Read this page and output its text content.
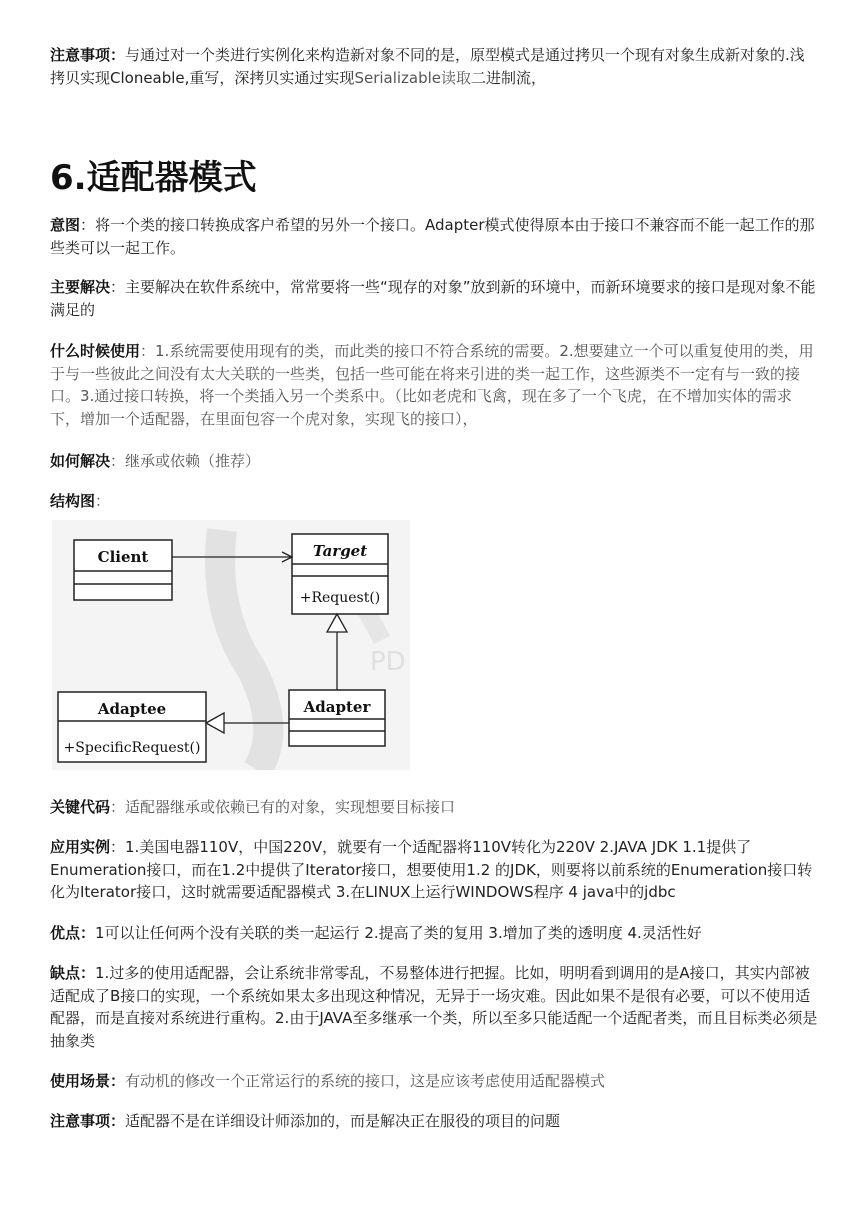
注意事项：与通过对一个类进行实例化来构造新对象不同的是，原型模式是通过拷贝一个现有对象生成新对象的.浅拷贝实现Cloneable,重写，深拷贝实通过实现Serializable读取二进制流，

6.适配器模式

意图：将一个类的接口转换成客户希望的另外一个接口。Adapter模式使得原本由于接口不兼容而不能一起工作的那些类可以一起工作。

主要解决：主要解决在软件系统中，常常要将一些“现存的对象”放到新的环境中，而新环境要求的接口是现对象不能满足的

什么时候使用：1.系统需要使用现有的类，而此类的接口不符合系统的需要。2.想要建立一个可以重复使用的类，用于与一些彼此之间没有太大关联的一些类，包括一些可能在将来引进的类一起工作，这些源类不一定有与一致的接口。3.通过接口转换，将一个类插入另一个类系中。（比如老虎和飞禽，现在多了一个飞虎，在不增加实体的需求下，增加一个适配器，在里面包容一个虎对象，实现飞的接口），

如何解决：继承或依赖（推荐）

结构图：

关键代码：适配器继承或依赖已有的对象，实现想要目标接口

应用实例：1.美国电器110V，中国220V，就要有一个适配器将110V转化为220V 2.JAVA JDK 1.1提供了Enumeration接口，而在1.2中提供了Iterator接口，想要使用1.2 的JDK，则要将以前系统的Enumeration接口转化为Iterator接口，这时就需要适配器模式 3.在LINUX上运行WINDOWS程序 4 java中的jdbc

优点：1可以让任何两个没有关联的类一起运行 2.提高了类的复用 3.增加了类的透明度 4.灵活性好

缺点：1.过多的使用适配器，会让系统非常零乱，不易整体进行把握。比如，明明看到调用的是A接口，其实内部被适配成了B接口的实现，一个系统如果太多出现这种情况，无异于一场灾难。因此如果不是很有必要，可以不使用适配器，而是直接对系统进行重构。2.由于JAVA至多继承一个类，所以至多只能适配一个适配者类，而且目标类必须是抽象类

使用场景：有动机的修改一个正常运行的系统的接口，这是应该考虑使用适配器模式

注意事项：适配器不是在详细设计师添加的，而是解决正在服役的项目的问题

PD
Client	Target
+Request()
Adapter
Adaptee
+SpecificRequest()
